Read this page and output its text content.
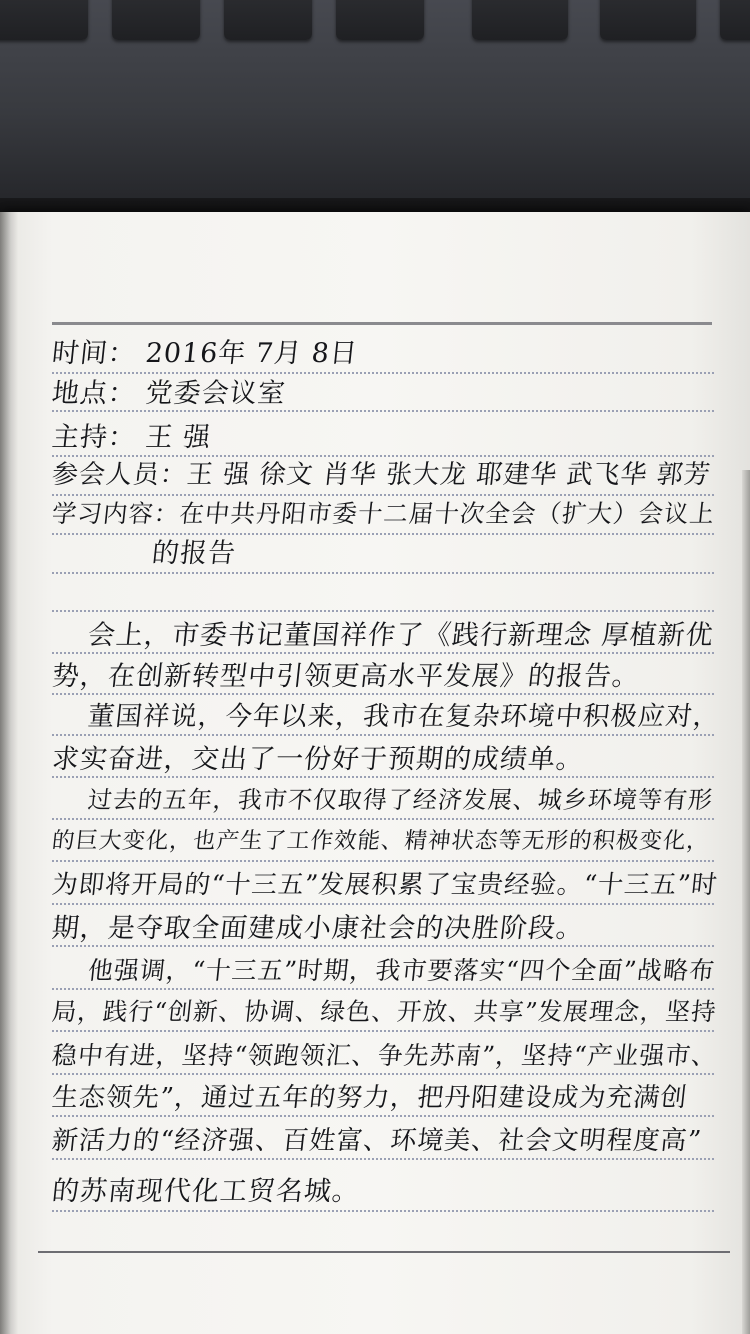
时间： 2016年 7月 8日
地点： 党委会议室
主持： 王 强
参会人员：王 强 徐文 肖华 张大龙 耶建华 武飞华 郭芳
学习内容：在中共丹阳市委十二届十次全会（扩大）会议上
的报告
会上，市委书记董国祥作了《践行新理念 厚植新优
势，在创新转型中引领更高水平发展》的报告。
董国祥说，今年以来，我市在复杂环境中积极应对，
求实奋进，交出了一份好于预期的成绩单。
过去的五年，我市不仅取得了经济发展、城乡环境等有形
的巨大变化，也产生了工作效能、精神状态等无形的积极变化，
为即将开局的“十三五”发展积累了宝贵经验。“十三五”时
期，是夺取全面建成小康社会的决胜阶段。
他强调，“十三五”时期，我市要落实“四个全面”战略布
局，践行“创新、协调、绿色、开放、共享”发展理念，坚持
稳中有进，坚持“领跑领汇、争先苏南”，坚持“产业强市、
生态领先”，通过五年的努力，把丹阳建设成为充满创
新活力的“经济强、百姓富、环境美、社会文明程度高”
的苏南现代化工贸名城。
